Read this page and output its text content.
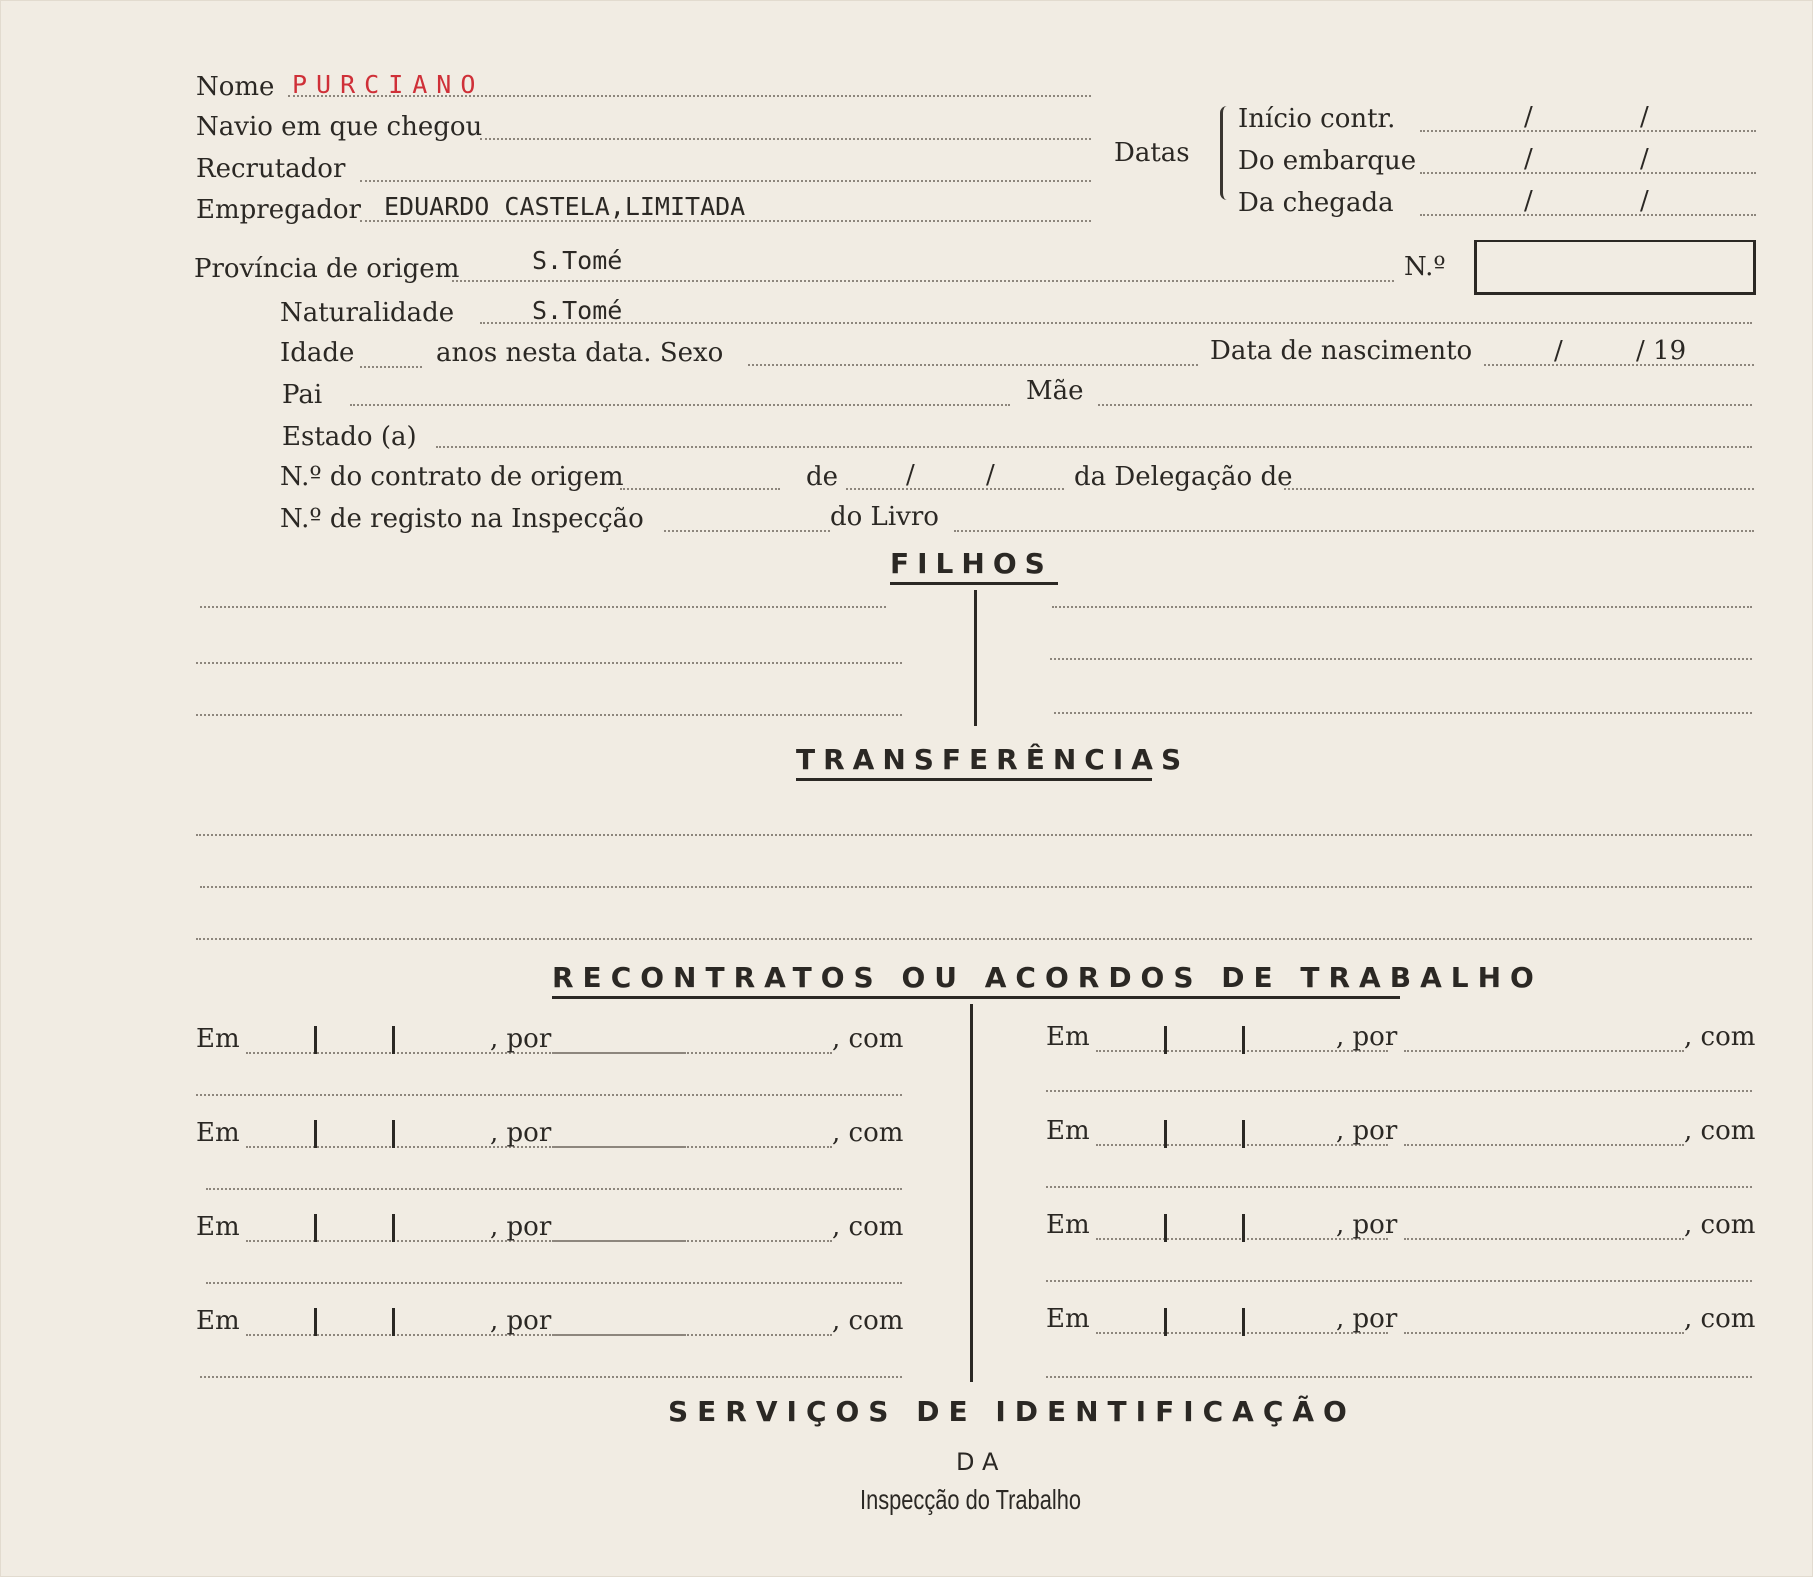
Nome PURCIANO
Navio em que chegou
Recrutador
Empregador EDUARDO CASTELA,LIMITADA
Datas
Início contr.	/	/
Do embarque	/	/
Da chegada	/	/
Província de origem	S.Tomé	N.º
Naturalidade	S.Tomé
Idade	anos nesta data. Sexo	Data de nascimento	/	/ 19
Pai	Mãe
Estado (a)
N.º do contrato de origem	de	/	/	da Delegação de
N.º de registo na Inspecção	do Livro
FILHOS
TRANSFERÊNCIAS
RECONTRATOS OU ACORDOS DE TRABALHO
Em	, por	, com
Em	, por	, com
Em	, por	, com
Em	, por	, com
Em	, por	, com
Em	, por	, com
Em	, por	, com
Em	, por	, com
SERVIÇOS DE IDENTIFICAÇÃO
DA
Inspecção do Trabalho
